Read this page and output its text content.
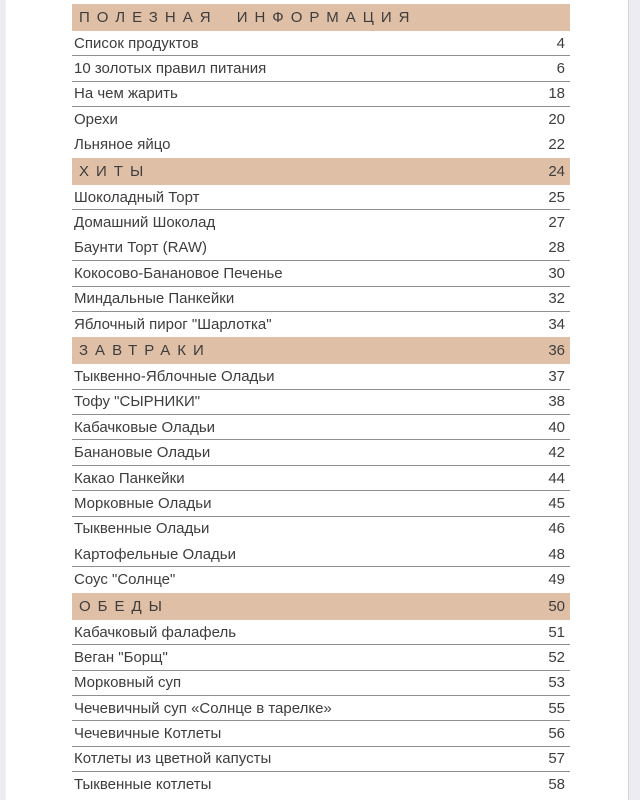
ПОЛЕЗНАЯ ИНФОРМАЦИЯ
Список продуктов	4
10 золотых правил питания	6
На чем жарить	18
Орехи	20
Льняное яйцо	22
ХИТЫ	24
Шоколадный Торт	25
Домашний Шоколад	27
Баунти Торт (RAW)	28
Кокосово-Банановое Печенье	30
Миндальные Панкейки	32
Яблочный пирог "Шарлотка"	34
ЗАВТРАКИ	36
Тыквенно-Яблочные Оладьи	37
Тофу "СЫРНИКИ"	38
Кабачковые Оладьи	40
Банановые Оладьи	42
Какао Панкейки	44
Морковные Оладьи	45
Тыквенные Оладьи	46
Картофельные Оладьи	48
Соус "Солнце"	49
ОБЕДЫ	50
Кабачковый фалафель	51
Веган "Борщ"	52
Морковный суп	53
Чечевичный суп «Солнце в тарелке»	55
Чечевичные Котлеты	56
Котлеты из цветной капусты	57
Тыквенные котлеты	58
